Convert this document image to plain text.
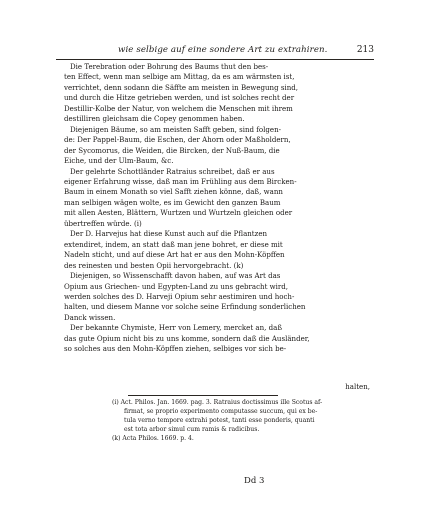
wie selbige auf eine sondere Art zu extrahiren.	213
Die Terebration oder Bohrung des Baums thut den bes-
ten Effect, wenn man selbige am Mittag, da es am wärmsten ist,
verrichtet, denn sodann die Säffte am meisten in Bewegung sind,
und durch die Hitze getrieben werden, und ist solches recht der
Destillir-Kolbe der Natur, von welchem die Menschen mit ihrem
destilliren gleichsam die Copey genommen haben.
Diejenigen Bäume, so am meisten Safft geben, sind folgen-
de: Der Pappel-Baum, die Eschen, der Ahorn oder Maßholdern,
der Sycomorus, die Weiden, die Bircken, der Nuß-Baum, die
Eiche, und der Ulm-Baum, &c.
Der gelehrte Schottländer Ratraius schreibet, daß er aus
eigener Erfahrung wisse, daß man im Frühling aus dem Bircken-
Baum in einem Monath so viel Safft ziehen könne, daß, wann
man selbigen wägen wolte, es im Gewicht den ganzen Baum
mit allen Aesten, Blättern, Wurtzen und Wurtzeln gleichen oder
übertreffen würde. (i)
Der D. Harvejus hat diese Kunst auch auf die Pflantzen
extendiret, indem, an statt daß man jene bohret, er diese mit
Nadeln sticht, und auf diese Art hat er aus den Mohn-Köpffen
des reinesten und besten Opii hervorgebracht. (k)
Diejenigen, so Wissenschafft davon haben, auf was Art das
Opium aus Griechen- und Egypten-Land zu uns gebracht wird,
werden solches des D. Harveji Opium sehr aestimiren und hoch-
halten, und diesem Manne vor solche seine Erfindung sonderlichen
Danck wissen.
Der bekannte Chymiste, Herr von Lemery, mercket an, daß
das gute Opium nicht bis zu uns komme, sondern daß die Ausländer,
so solches aus den Mohn-Köpffen ziehen, selbiges vor sich be-
halten,
(i) Act. Philos. Jan. 1669. pag. 3. Ratraius doctissimus ille Scotus af-
firmat, se proprio experimento computasse succum, qui ex be-
tula verno tempore extrahi potest, tanti esse ponderis, quanti
est tota arbor simul cum ramis & radicibus.
(k) Acta Philos. 1669. p. 4.
Dd 3
